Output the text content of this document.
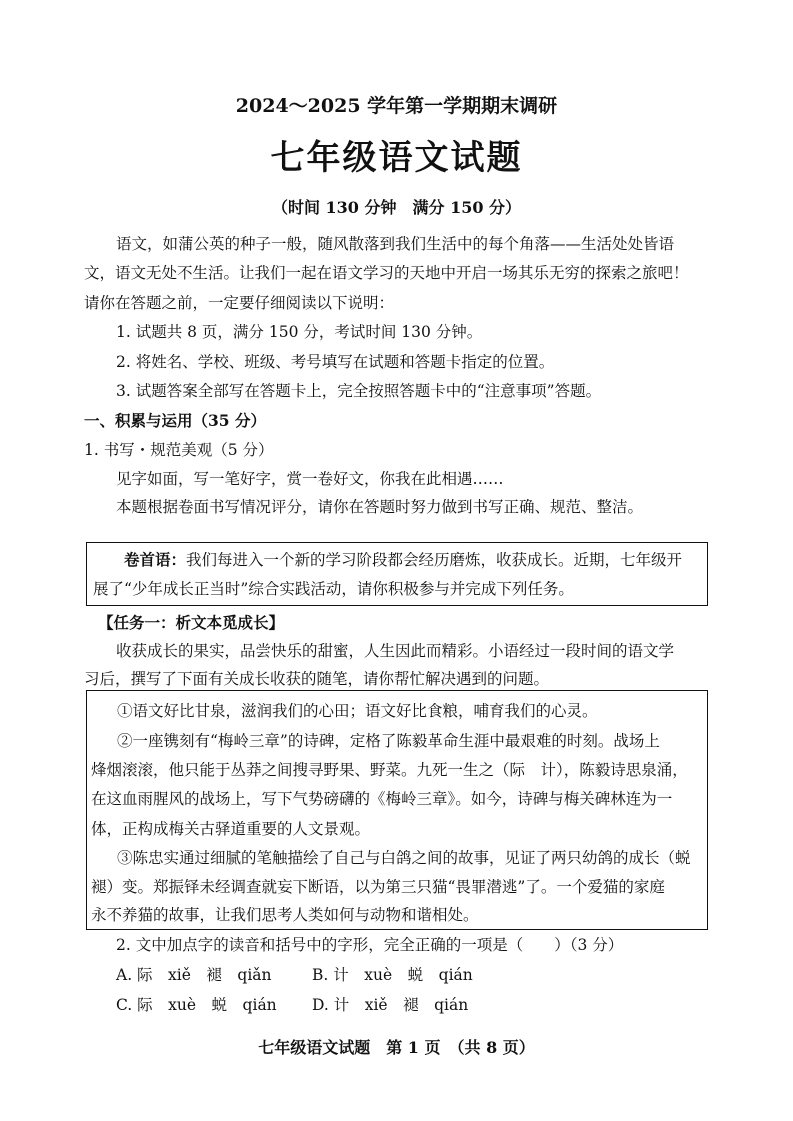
2024～2025 学年第一学期期末调研
七年级语文试题
（时间 130 分钟　满分 150 分）
语文，如蒲公英的种子一般，随风散落到我们生活中的每个角落——生活处处皆语
文，语文无处不生活。让我们一起在语文学习的天地中开启一场其乐无穷的探索之旅吧！
请你在答题之前，一定要仔细阅读以下说明：
1. 试题共 8 页，满分 150 分，考试时间 130 分钟。
2. 将姓名、学校、班级、考号填写在试题和答题卡指定的位置。
3. 试题答案全部写在答题卡上，完全按照答题卡中的“注意事项”答题。
一、积累与运用（35 分）
1. 书写・规范美观（5 分）
见字如面，写一笔好字，赏一卷好文，你我在此相遇……
本题根据卷面书写情况评分，请你在答题时努力做到书写正确、规范、整洁。
卷首语：我们每进入一个新的学习阶段都会经历磨炼，收获成长。近期，七年级开
展了“少年成长正当时”综合实践活动，请你积极参与并完成下列任务。
【任务一：析文本觅成长】
收获成长的果实，品尝快乐的甜蜜，人生因此而精彩。小语经过一段时间的语文学
习后，撰写了下面有关成长收获的随笔，请你帮忙解决遇到的问题。
①语文好比甘泉，滋润我们的心田；语文好比食粮，哺育我们的心灵。
②一座镌刻有“梅岭三章”的诗碑，定格了陈毅革命生涯中最艰难的时刻。战场上
烽烟滚滚，他只能于丛莽之间搜寻野果、野菜。九死一生之（际　计），陈毅诗思泉涌，
在这血雨腥风的战场上，写下气势磅礴的《梅岭三章》。如今，诗碑与梅关碑林连为一
体，正构成梅关古驿道重要的人文景观。
③陈忠实通过细腻的笔触描绘了自己与白鸽之间的故事，见证了两只幼鸽的成长（蜕
褪）变。郑振铎未经调查就妄下断语，以为第三只猫“畏罪潜逃”了。一个爱猫的家庭
永不养猫的故事，让我们思考人类如何与动物和谐相处。
2. 文中加点字的读音和括号中的字形，完全正确的一项是（　　）（3 分）
A. 际　xiě　褪　qiǎn	B. 计　xuè　蜕　qián
C. 际　xuè　蜕　qián D. 计　xiě　褪　qián
七年级语文试题　第 1 页　（共 8 页）
